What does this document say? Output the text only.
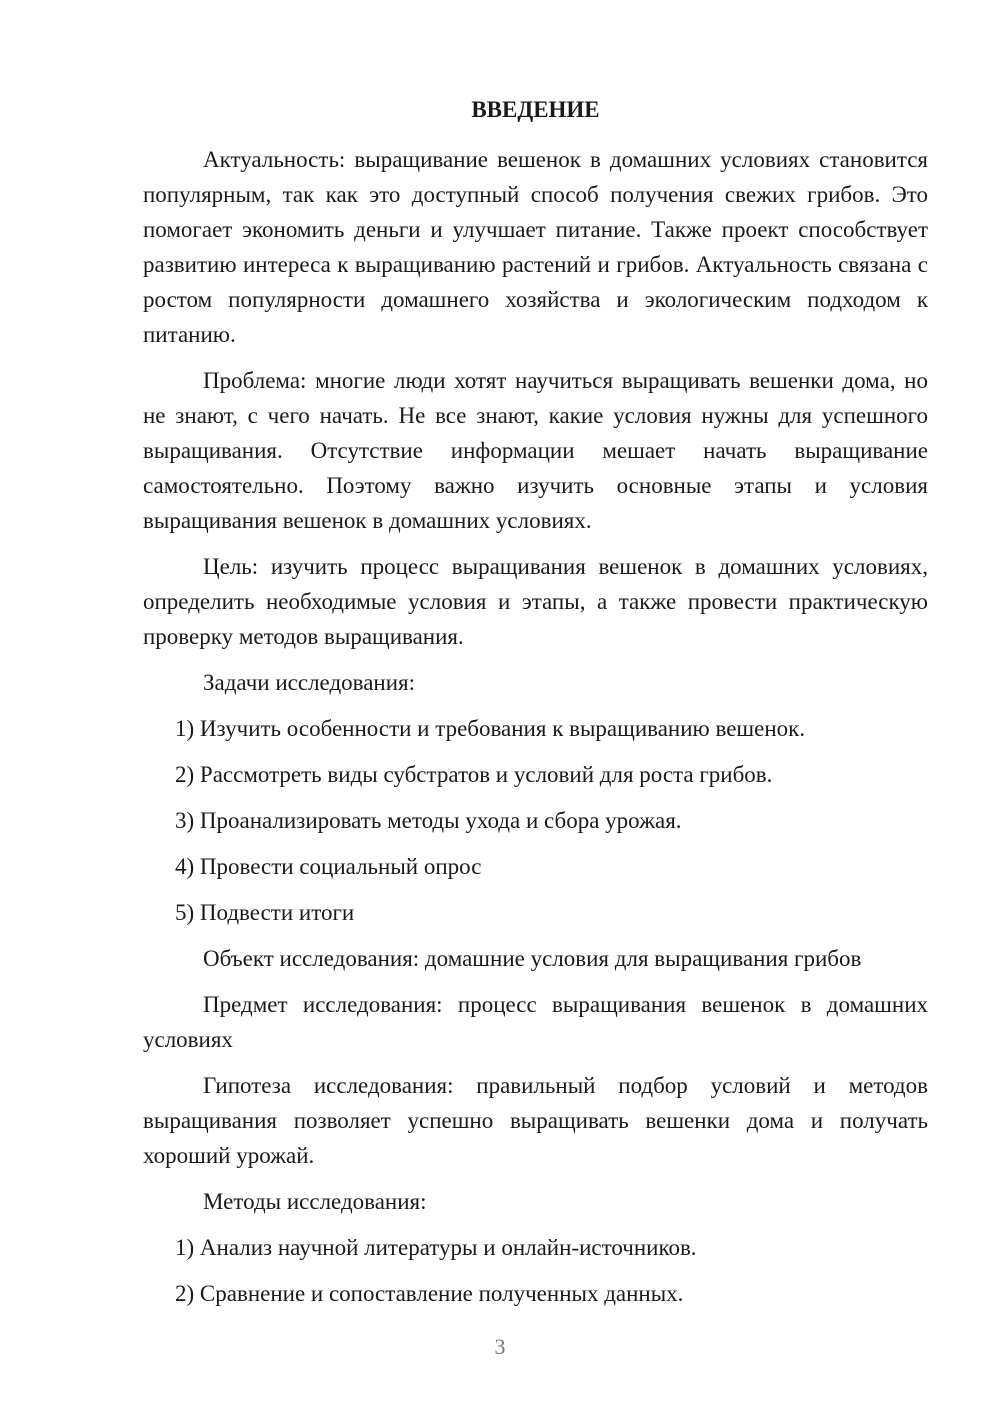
ВВЕДЕНИЕ

Актуальность: выращивание вешенок в домашних условиях становится популярным, так как это доступный способ получения свежих грибов. Это помогает экономить деньги и улучшает питание. Также проект способствует развитию интереса к выращиванию растений и грибов. Актуальность связана с ростом популярности домашнего хозяйства и экологическим подходом к питанию.

Проблема: многие люди хотят научиться выращивать вешенки дома, но не знают, с чего начать. Не все знают, какие условия нужны для успешного выращивания. Отсутствие информации мешает начать выращивание самостоятельно. Поэтому важно изучить основные этапы и условия выращивания вешенок в домашних условиях.

Цель: изучить процесс выращивания вешенок в домашних условиях, определить необходимые условия и этапы, а также провести практическую проверку методов выращивания.

Задачи исследования:

1) Изучить особенности и требования к выращиванию вешенок.
2) Рассмотреть виды субстратов и условий для роста грибов.
3) Проанализировать методы ухода и сбора урожая.
4) Провести социальный опрос
5) Подвести итоги

Объект исследования: домашние условия для выращивания грибов

Предмет исследования: процесс выращивания вешенок в домашних условиях

Гипотеза исследования: правильный подбор условий и методов выращивания позволяет успешно выращивать вешенки дома и получать хороший урожай.

Методы исследования:

1) Анализ научной литературы и онлайн-источников.
2) Сравнение и сопоставление полученных данных.
3
